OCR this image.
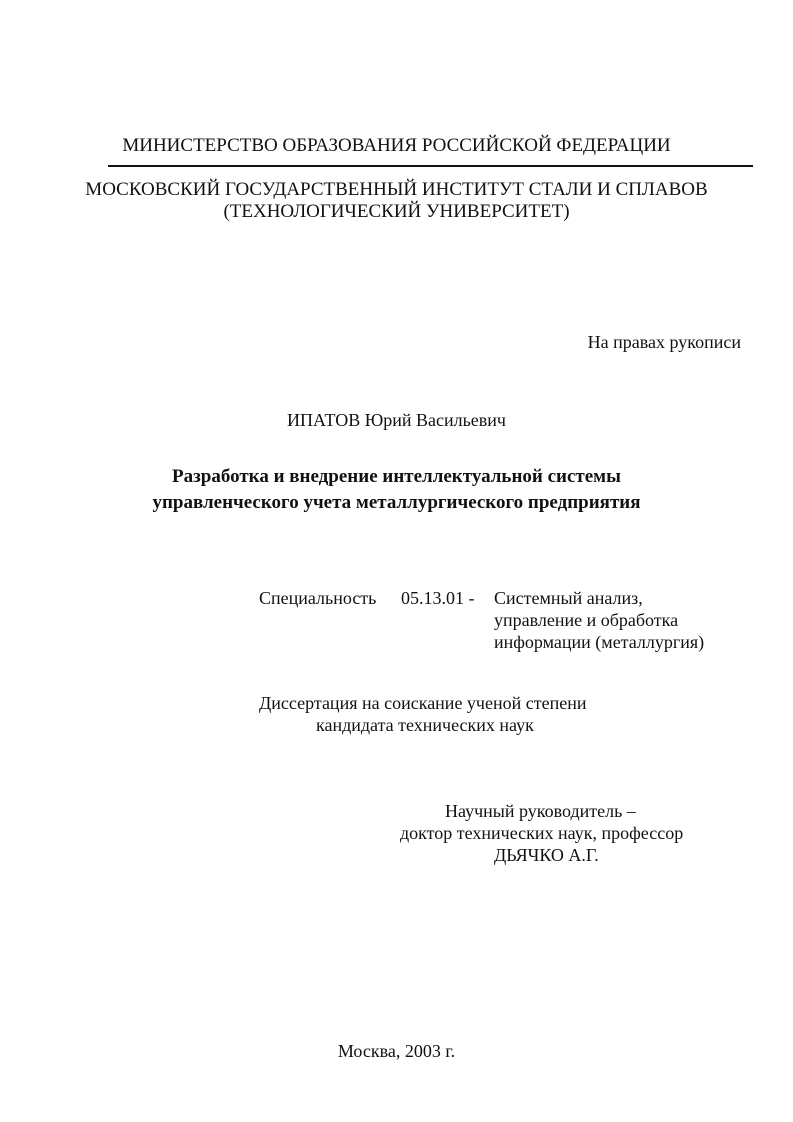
МИНИСТЕРСТВО ОБРАЗОВАНИЯ РОССИЙСКОЙ ФЕДЕРАЦИИ
МОСКОВСКИЙ ГОСУДАРСТВЕННЫЙ ИНСТИТУТ СТАЛИ И СПЛАВОВ
(ТЕХНОЛОГИЧЕСКИЙ УНИВЕРСИТЕТ)
На правах рукописи
ИПАТОВ Юрий Васильевич
Разработка и внедрение интеллектуальной системы
управленческого учета металлургического предприятия
Специальность 05.13.01 - Системный анализ,
управление и обработка
информации (металлургия)
Диссертация на соискание ученой степени
кандидата технических наук
Научный руководитель –
доктор технических наук, профессор
ДЬЯЧКО А.Г.
Москва, 2003 г.
